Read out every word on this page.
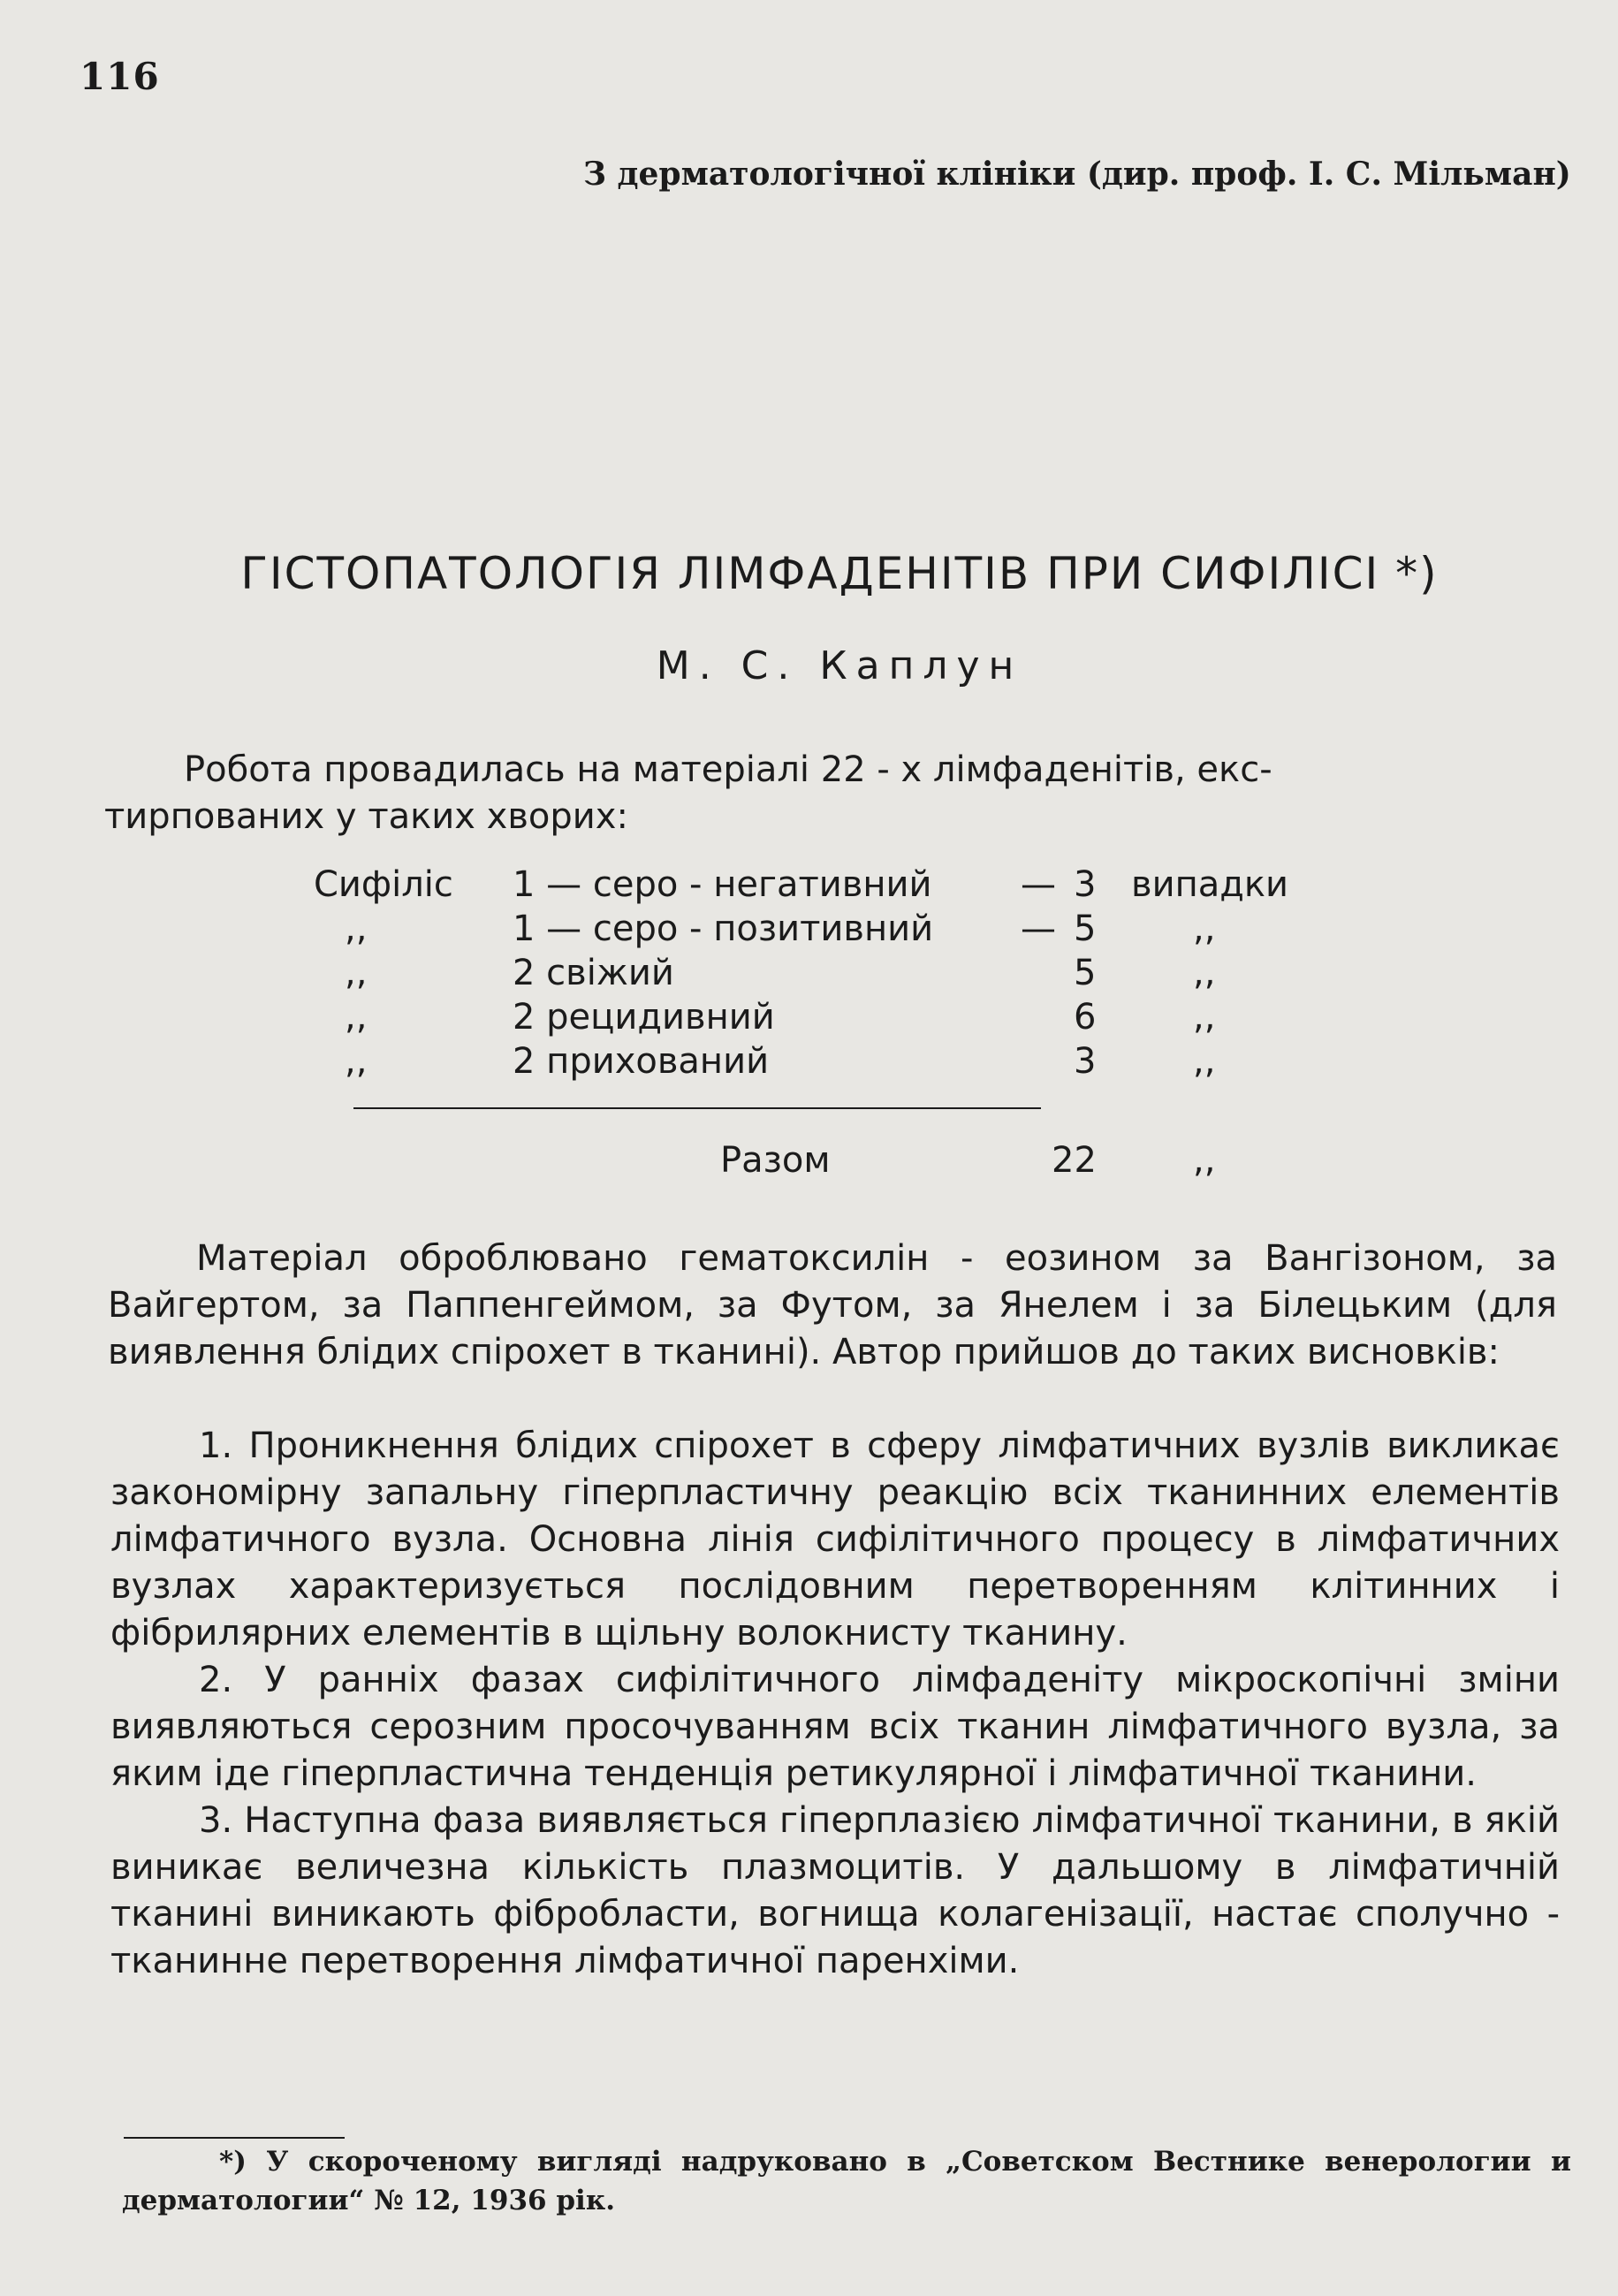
116
З дерматологічної клініки (дир. проф. І. С. Мільман)
ГІСТОПАТОЛОГІЯ ЛІМФАДЕНІТІВ ПРИ СИФІЛІСІ *)
М. С. Каплун
Робота провадилась на матеріалі 22 - х лімфаденітів, екс-
тирпованих у таких хворих:
Сифіліс 1 — серо - негативний	— 3 випадки
,,	1 — серо - позитивний — 5	,,
,,	2 свіжий	5	,,
,,	2 рецидивний	6	,,
,,	2 прихований	3	,,
Разом	22	,,

Матеріал оброблювано гематоксилін - еозином за Вангізоном, за Вайгертом, за Паппенгеймом, за Футом, за Янелем і за Білецьким (для виявлення блідих спірохет в тканині). Автор прийшов до таких висновків:

1. Проникнення блідих спірохет в сферу лімфатичних вузлів викликає закономірну запальну гіперпластичну реакцію всіх тканинних елементів лімфатичного вузла. Основна лінія сифілітичного процесу в лімфатичних вузлах характеризується послідовним перетворенням клітинних і фібрилярних елементів в щільну волокнисту тканину.

2. У ранніх фазах сифілітичного лімфаденіту мікроскопічні зміни виявляються серозним просочуванням всіх тканин лімфатичного вузла, за яким іде гіперпластична тенденція ретикулярної і лімфатичної тканини.

3. Наступна фаза виявляється гіперплазією лімфатичної тканини, в якій виникає величезна кількість плазмоцитів. У дальшому в лімфатичній тканині виникають фібробласти, вогнища колагенізації, настає сполучно - тканинне перетворення лімфатичної паренхіми.

*) У скороченому вигляді надруковано в „Советском Вестнике венерологии и дерматологии“ № 12, 1936 рік.
